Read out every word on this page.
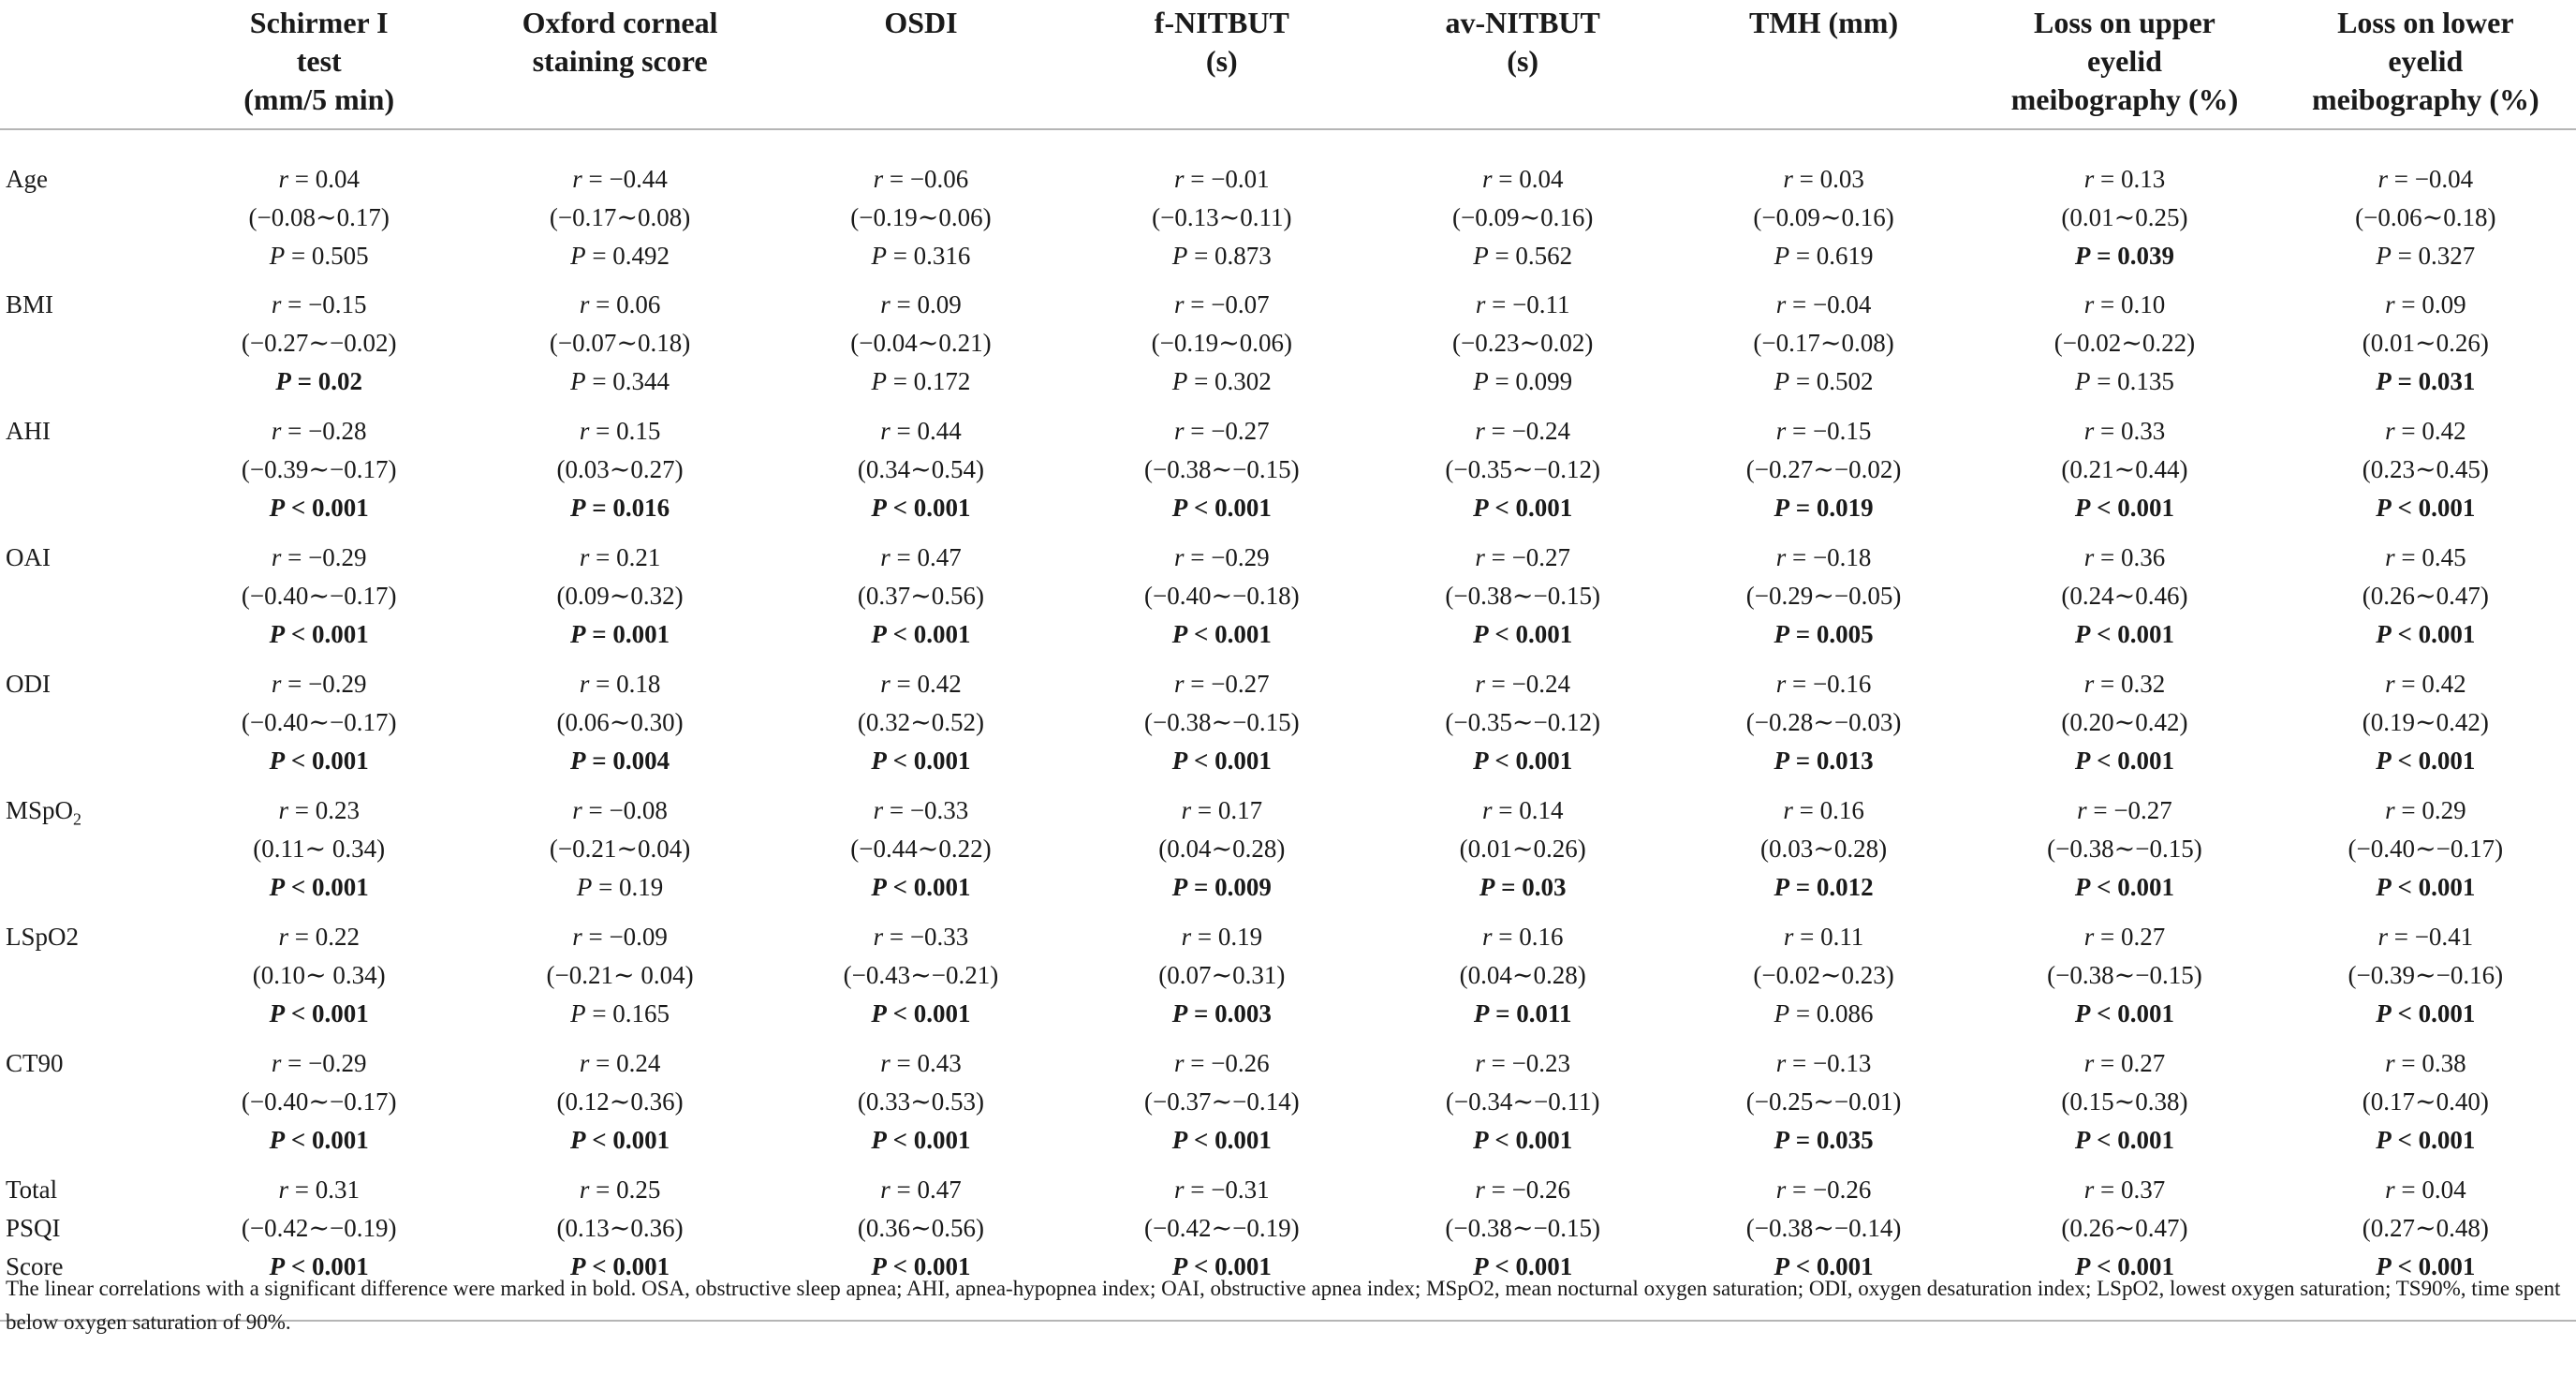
	Schirmer I
test
(mm/5 min)	Oxford corneal
staining score	OSDI	f-NITBUT
(s)	av-NITBUT
(s)	TMH (mm)	Loss on upper
eyelid
meibography (%)	Loss on lower
eyelid
meibography (%)

Age	r = 0.04
(−0.08∼0.17)
P = 0.505	r = −0.44
(−0.17∼0.08)
P = 0.492	r = −0.06
(−0.19∼0.06)
P = 0.316	r = −0.01
(−0.13∼0.11)
P = 0.873	r = 0.04
(−0.09∼0.16)
P = 0.562	r = 0.03
(−0.09∼0.16)
P = 0.619	r = 0.13
(0.01∼0.25)
P = 0.039	r = −0.04
(−0.06∼0.18)
P = 0.327

BMI	r = −0.15
(−0.27∼−0.02)
P = 0.02	r = 0.06
(−0.07∼0.18)
P = 0.344	r = 0.09
(−0.04∼0.21)
P = 0.172	r = −0.07
(−0.19∼0.06)
P = 0.302	r = −0.11
(−0.23∼0.02)
P = 0.099	r = −0.04
(−0.17∼0.08)
P = 0.502	r = 0.10
(−0.02∼0.22)
P = 0.135	r = 0.09
(0.01∼0.26)
P = 0.031

AHI	r = −0.28
(−0.39∼−0.17)
P < 0.001	r = 0.15
(0.03∼0.27)
P = 0.016	r = 0.44
(0.34∼0.54)
P < 0.001	r = −0.27
(−0.38∼−0.15)
P < 0.001	r = −0.24
(−0.35∼−0.12)
P < 0.001	r = −0.15
(−0.27∼−0.02)
P = 0.019	r = 0.33
(0.21∼0.44)
P < 0.001	r = 0.42
(0.23∼0.45)
P < 0.001

OAI	r = −0.29
(−0.40∼−0.17)
P < 0.001	r = 0.21
(0.09∼0.32)
P = 0.001	r = 0.47
(0.37∼0.56)
P < 0.001	r = −0.29
(−0.40∼−0.18)
P < 0.001	r = −0.27
(−0.38∼−0.15)
P < 0.001	r = −0.18
(−0.29∼−0.05)
P = 0.005	r = 0.36
(0.24∼0.46)
P < 0.001	r = 0.45
(0.26∼0.47)
P < 0.001

ODI	r = −0.29
(−0.40∼−0.17)
P < 0.001	r = 0.18
(0.06∼0.30)
P = 0.004	r = 0.42
(0.32∼0.52)
P < 0.001	r = −0.27
(−0.38∼−0.15)
P < 0.001	r = −0.24
(−0.35∼−0.12)
P < 0.001	r = −0.16
(−0.28∼−0.03)
P = 0.013	r = 0.32
(0.20∼0.42)
P < 0.001	r = 0.42
(0.19∼0.42)
P < 0.001

MSpO$_2$	r = 0.23
(0.11∼ 0.34)
P < 0.001	r = −0.08
(−0.21∼0.04)
P = 0.19	r = −0.33
(−0.44∼0.22)
P < 0.001	r = 0.17
(0.04∼0.28)
P = 0.009	r = 0.14
(0.01∼0.26)
P = 0.03	r = 0.16
(0.03∼0.28)
P = 0.012	r = −0.27
(−0.38∼−0.15)
P < 0.001	r = 0.29
(−0.40∼−0.17)
P < 0.001

LSpO2	r = 0.22
(0.10∼ 0.34)
P < 0.001	r = −0.09
(−0.21∼ 0.04)
P = 0.165	r = −0.33
(−0.43∼−0.21)
P < 0.001	r = 0.19
(0.07∼0.31)
P = 0.003	r = 0.16
(0.04∼0.28)
P = 0.011	r = 0.11
(−0.02∼0.23)
P = 0.086	r = 0.27
(−0.38∼−0.15)
P < 0.001	r = −0.41
(−0.39∼−0.16)
P < 0.001

CT90	r = −0.29
(−0.40∼−0.17)
P < 0.001	r = 0.24
(0.12∼0.36)
P < 0.001	r = 0.43
(0.33∼0.53)
P < 0.001	r = −0.26
(−0.37∼−0.14)
P < 0.001	r = −0.23
(−0.34∼−0.11)
P < 0.001	r = −0.13
(−0.25∼−0.01)
P = 0.035	r = 0.27
(0.15∼0.38)
P < 0.001	r = 0.38
(0.17∼0.40)
P < 0.001

Total
PSQI
Score	r = 0.31
(−0.42∼−0.19)
P < 0.001	r = 0.25
(0.13∼0.36)
P < 0.001	r = 0.47
(0.36∼0.56)
P < 0.001	r = −0.31
(−0.42∼−0.19)
P < 0.001	r = −0.26
(−0.38∼−0.15)
P < 0.001	r = −0.26
(−0.38∼−0.14)
P < 0.001	r = 0.37
(0.26∼0.47)
P < 0.001	r = 0.04
(0.27∼0.48)
P < 0.001
The linear correlations with a significant difference were marked in bold. OSA, obstructive sleep apnea; AHI, apnea-hypopnea index; OAI, obstructive apnea index; MSpO2, mean nocturnal oxygen saturation; ODI, oxygen desaturation index; LSpO2, lowest oxygen saturation; TS90%, time spent below oxygen saturation of 90%.
